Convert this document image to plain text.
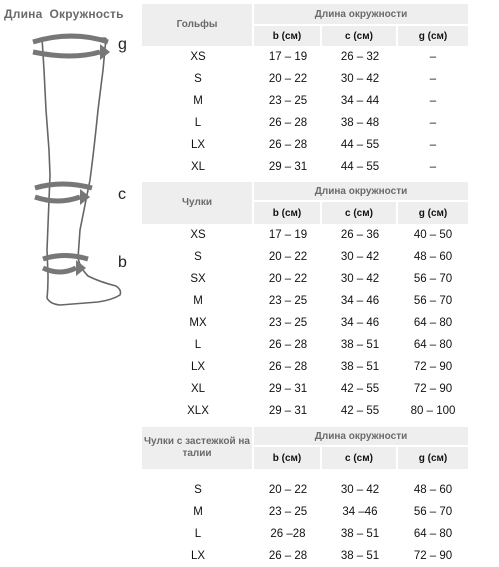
Длина Окружность
g
c
b
Гольфы	Длина окружности		
	b (см)	с (см)	g (см)
XS	17 – 19	26 – 32	–
S	20 – 22	30 – 42	–
M	23 – 25	34 – 44	–
L	26 – 28	38 – 48	–
LX	26 – 28	44 – 55	–
XL	29 – 31	44 – 55	–
Чулки	Длина окружности		
	b (см)	с (см)	g (см)
XS	17 – 19	26 – 36	40 – 50
S	20 – 22	30 – 42	48 – 60
SX	20 – 22	30 – 42	56 – 70
M	23 – 25	34 – 46	56 – 70
MX	23 – 25	34 – 46	64 – 80
L	26 – 28	38 – 51	64 – 80
LX	26 – 28	38 – 51	72 – 90
XL	29 – 31	42 – 55	72 – 90
XLX	29 – 31	42 – 55	80 – 100
Чулки с застежкой на талии	Длина окружности		
	b (см)	с (см)	g (см)

S	20 – 22	30 – 42	48 – 60
M	23 – 25	34 –46	56 – 70
L	26 –28	38 – 51	64 – 80
LX	26 – 28	38 – 51	72 – 90
